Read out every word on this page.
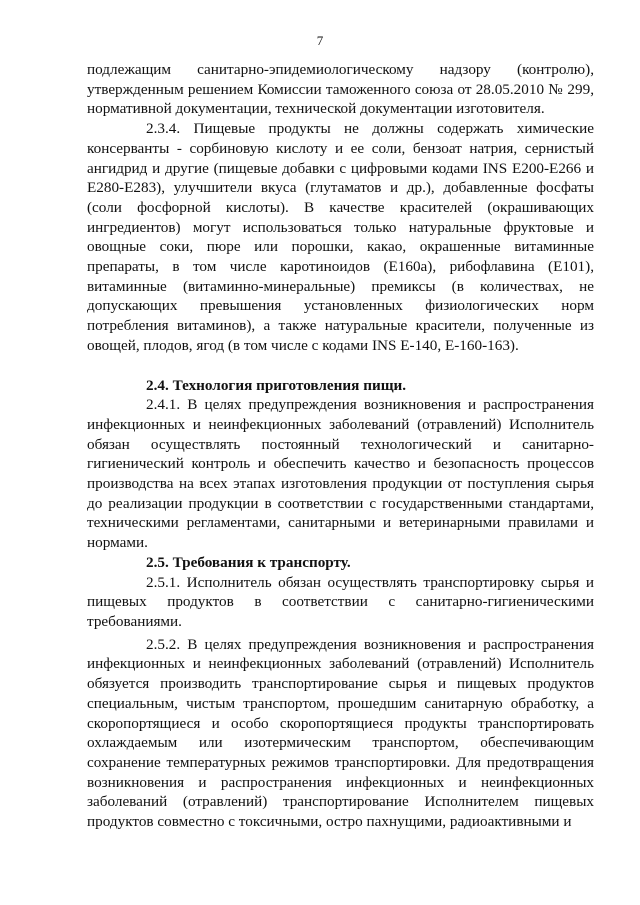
7

подлежащим санитарно-эпидемиологическому надзору (контролю), утвержденным решением Комиссии таможенного союза от 28.05.2010 № 299, нормативной документации, технической документации изготовителя.

2.3.4. Пищевые продукты не должны содержать химические консерванты - сорбиновую кислоту и ее соли, бензоат натрия, сернистый ангидрид и другие (пищевые добавки с цифровыми кодами INS E200-E266 и E280-E283), улучшители вкуса (глутаматов и др.), добавленные фосфаты (соли фосфорной кислоты). В качестве красителей (окрашивающих ингредиентов) могут использоваться только натуральные фруктовые и овощные соки, пюре или порошки, какао, окрашенные витаминные препараты, в том числе каротиноидов (E160a), рибофлавина (E101), витаминные (витаминно-минеральные) премиксы (в количествах, не допускающих превышения установленных физиологических норм потребления витаминов), а также натуральные красители, полученные из овощей, плодов, ягод (в том числе с кодами INS E-140, E-160-163).

2.4. Технология приготовления пищи.

2.4.1. В целях предупреждения возникновения и распространения инфекционных и неинфекционных заболеваний (отравлений) Исполнитель обязан осуществлять постоянный технологический и санитарно-гигиенический контроль и обеспечить качество и безопасность процессов производства на всех этапах изготовления продукции от поступления сырья до реализации продукции в соответствии с государственными стандартами, техническими регламентами, санитарными и ветеринарными правилами и нормами.

2.5. Требования к транспорту.

2.5.1. Исполнитель обязан осуществлять транспортировку сырья и пищевых продуктов в соответствии с санитарно-гигиеническими требованиями.

2.5.2. В целях предупреждения возникновения и распространения инфекционных и неинфекционных заболеваний (отравлений) Исполнитель обязуется производить транспортирование сырья и пищевых продуктов специальным, чистым транспортом, прошедшим санитарную обработку, а скоропортящиеся и особо скоропортящиеся продукты транспортировать охлаждаемым или изотермическим транспортом, обеспечивающим сохранение температурных режимов транспортировки. Для предотвращения возникновения и распространения инфекционных и неинфекционных заболеваний (отравлений) транспортирование Исполнителем пищевых продуктов совместно с токсичными, остро пахнущими, радиоактивными и
